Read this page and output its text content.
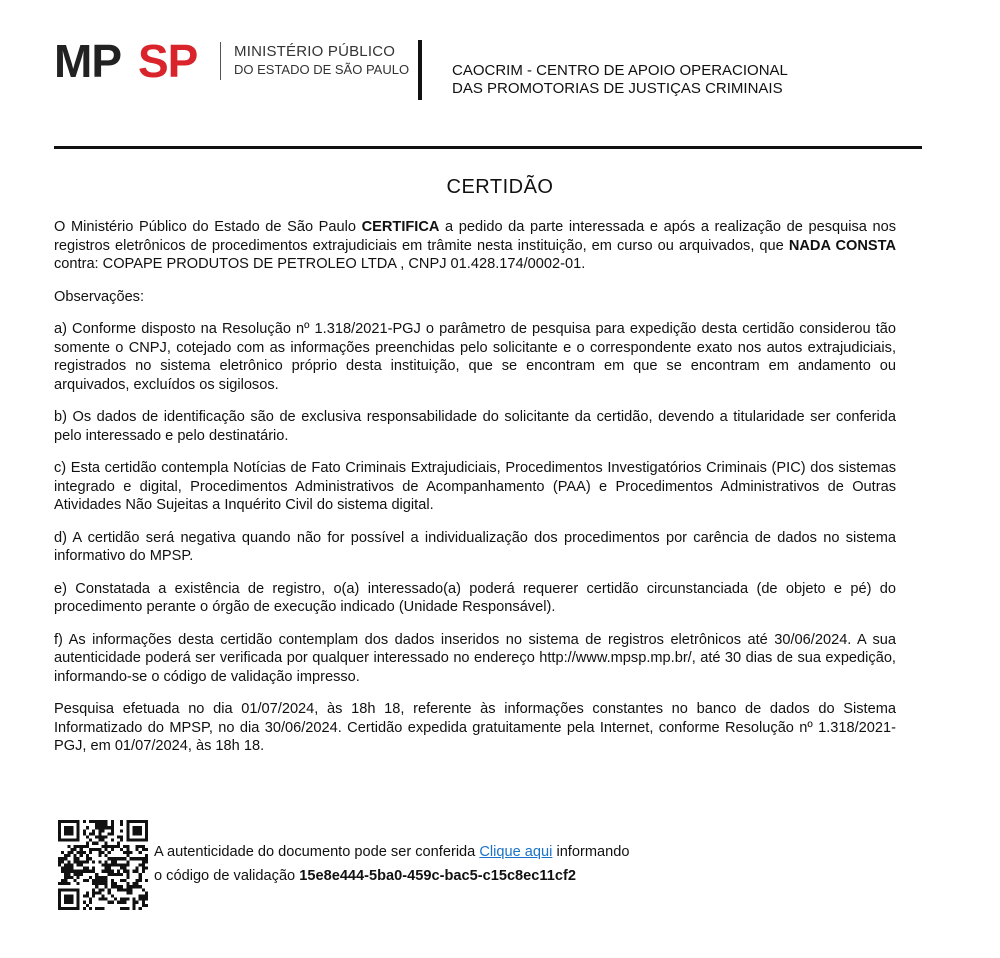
MP SP MINISTÉRIO PÚBLICO
DO ESTADO DE SÃO PAULO	CAOCRIM - CENTRO DE APOIO OPERACIONAL
DAS PROMOTORIAS DE JUSTIÇAS CRIMINAIS
CERTIDÃO

O Ministério Público do Estado de São Paulo CERTIFICA a pedido da parte interessada e após a realização de pesquisa nos registros eletrônicos de procedimentos extrajudiciais em trâmite nesta instituição, em curso ou arquivados, que NADA CONSTA contra: COPAPE PRODUTOS DE PETROLEO LTDA , CNPJ 01.428.174/0002-01.

Observações:

a) Conforme disposto na Resolução nº 1.318/2021-PGJ o parâmetro de pesquisa para expedição desta certidão considerou tão somente o CNPJ, cotejado com as informações preenchidas pelo solicitante e o correspondente exato nos autos extrajudiciais, registrados no sistema eletrônico próprio desta instituição, que se encontram em que se encontram em andamento ou arquivados, excluídos os sigilosos.

b) Os dados de identificação são de exclusiva responsabilidade do solicitante da certidão, devendo a titularidade ser conferida pelo interessado e pelo destinatário.

c) Esta certidão contempla Notícias de Fato Criminais Extrajudiciais, Procedimentos Investigatórios Criminais (PIC) dos sistemas integrado e digital, Procedimentos Administrativos de Acompanhamento (PAA) e Procedimentos Administrativos de Outras Atividades Não Sujeitas a Inquérito Civil do sistema digital.

d) A certidão será negativa quando não for possível a individualização dos procedimentos por carência de dados no sistema informativo do MPSP.

e) Constatada a existência de registro, o(a) interessado(a) poderá requerer certidão circunstanciada (de objeto e pé) do procedimento perante o órgão de execução indicado (Unidade Responsável).

f) As informações desta certidão contemplam dos dados inseridos no sistema de registros eletrônicos até 30/06/2024. A sua autenticidade poderá ser verificada por qualquer interessado no endereço http://www.mpsp.mp.br/, até 30 dias de sua expedição, informando-se o código de validação impresso.

Pesquisa efetuada no dia 01/07/2024, às 18h 18, referente às informações constantes no banco de dados do Sistema Informatizado do MPSP, no dia 30/06/2024. Certidão expedida gratuitamente pela Internet, conforme Resolução nº 1.318/2021-PGJ, em 01/07/2024, às 18h 18.

A autenticidade do documento pode ser conferida Clique aqui informando
o código de validação 15e8e444-5ba0-459c-bac5-c15c8ec11cf2
